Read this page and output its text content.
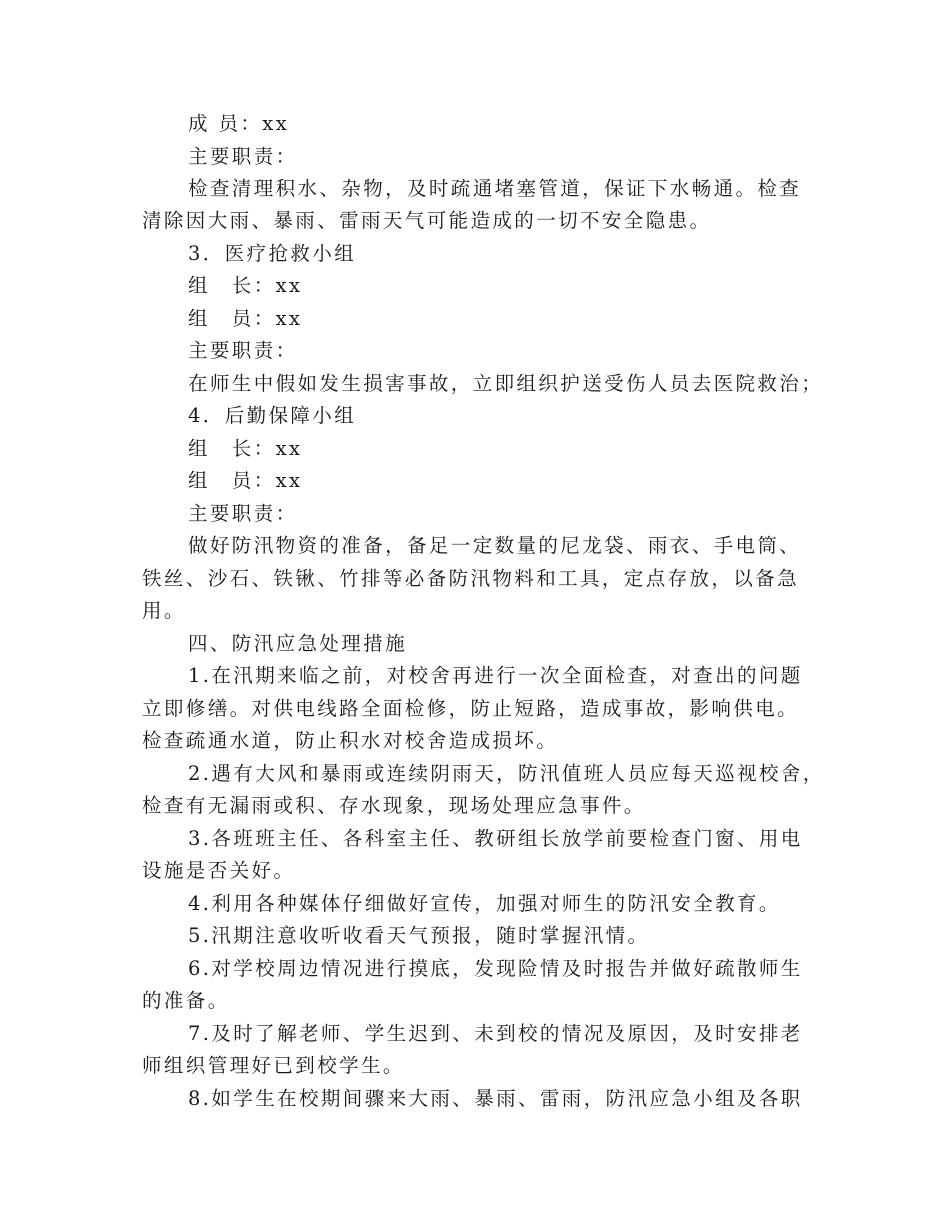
成 员：xx
主要职责：
检查清理积水、杂物，及时疏通堵塞管道，保证下水畅通。检查
清除因大雨、暴雨、雷雨天气可能造成的一切不安全隐患。
3．医疗抢救小组
组　长：xx
组　员：xx
主要职责：
在师生中假如发生损害事故，立即组织护送受伤人员去医院救治；
4．后勤保障小组
组　长：xx
组　员：xx
主要职责：
做好防汛物资的准备，备足一定数量的尼龙袋、雨衣、手电筒、
铁丝、沙石、铁锹、竹排等必备防汛物料和工具，定点存放，以备急
用。
四、防汛应急处理措施
1.在汛期来临之前，对校舍再进行一次全面检查，对查出的问题
立即修缮。对供电线路全面检修，防止短路，造成事故，影响供电。
检查疏通水道，防止积水对校舍造成损坏。
2.遇有大风和暴雨或连续阴雨天，防汛值班人员应每天巡视校舍，
检查有无漏雨或积、存水现象，现场处理应急事件。
3.各班班主任、各科室主任、教研组长放学前要检查门窗、用电
设施是否关好。
4.利用各种媒体仔细做好宣传，加强对师生的防汛安全教育。
5.汛期注意收听收看天气预报，随时掌握汛情。
6.对学校周边情况进行摸底，发现险情及时报告并做好疏散师生
的准备。
7.及时了解老师、学生迟到、未到校的情况及原因，及时安排老
师组织管理好已到校学生。
8.如学生在校期间骤来大雨、暴雨、雷雨，防汛应急小组及各职
